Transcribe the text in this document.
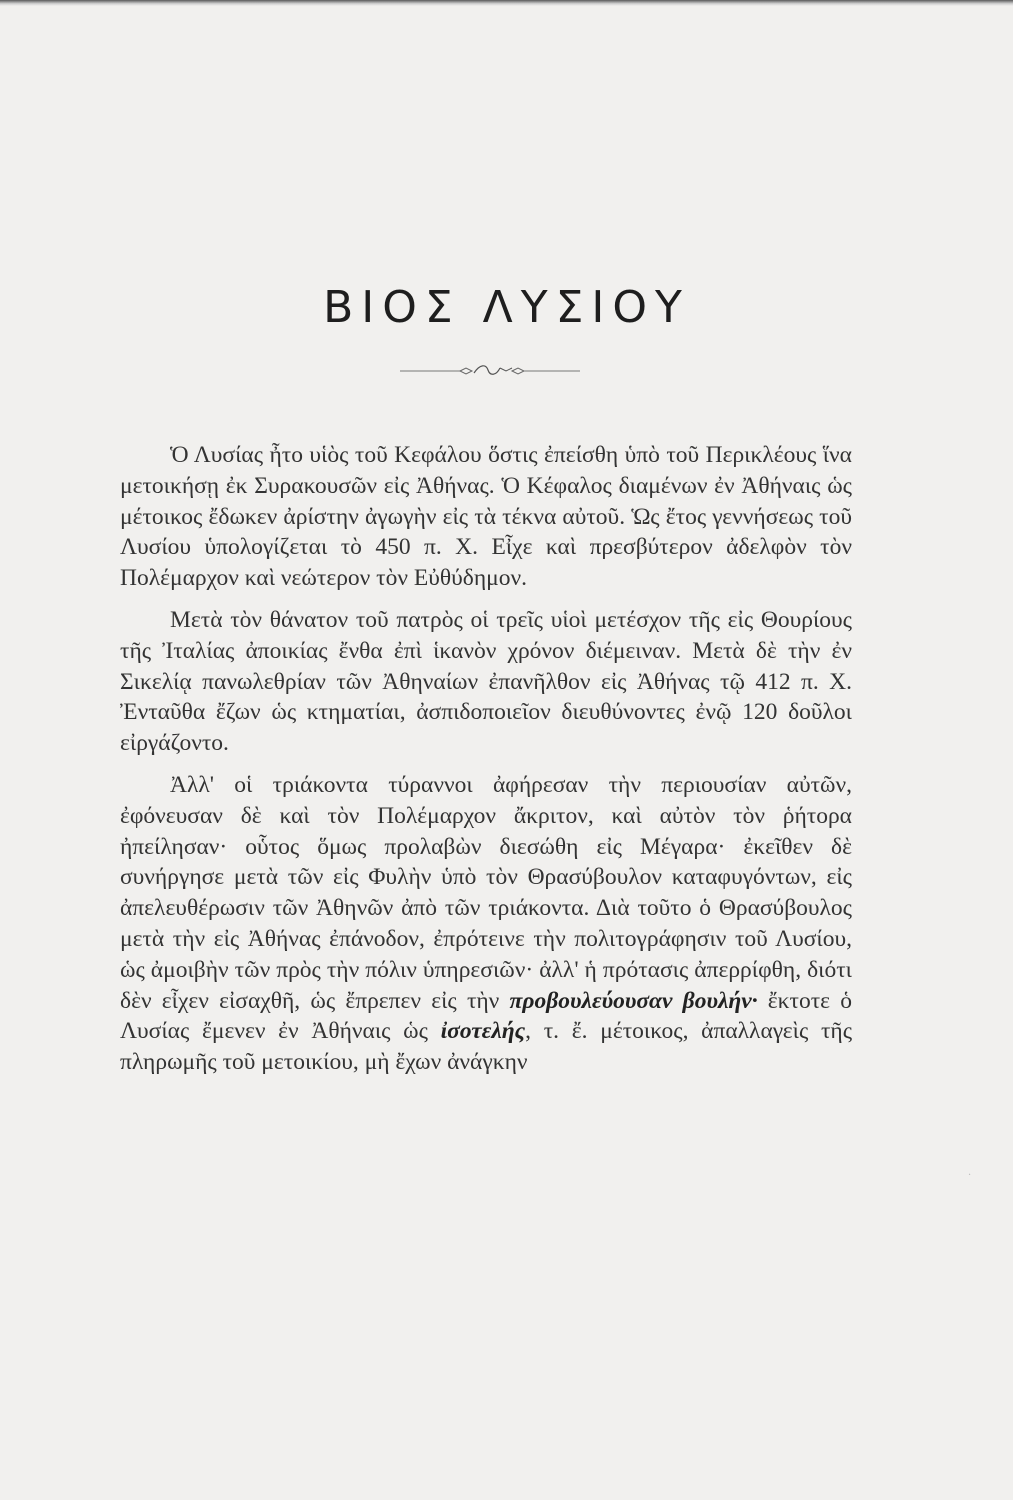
ΒΙΟΣ ΛΥΣΙΟΥ

Ὁ Λυσίας ἦτο υἱὸς τοῦ Κεφάλου ὅστις ἐπείσθη ὑπὸ τοῦ Περικλέους ἵνα μετοικήσῃ ἐκ Συρακουσῶν εἰς Ἀθήνας. Ὁ Κέφαλος διαμένων ἐν Ἀθήναις ὡς μέτοικος ἔδωκεν ἀρίστην ἀγωγὴν εἰς τὰ τέκνα αὐτοῦ. Ὡς ἔτος γεννήσεως τοῦ Λυσίου ὑπολογίζεται τὸ 450 π. Χ. Εἶχε καὶ πρεσβύτερον ἀδελφὸν τὸν Πολέμαρχον καὶ νεώτερον τὸν Εὐθύδημον.

Μετὰ τὸν θάνατον τοῦ πατρὸς οἱ τρεῖς υἱοὶ μετέσχον τῆς εἰς Θουρίους τῆς Ἰταλίας ἀποικίας ἔνθα ἐπὶ ἱκανὸν χρόνον διέμειναν. Μετὰ δὲ τὴν ἐν Σικελίᾳ πανωλεθρίαν τῶν Ἀθηναίων ἐπανῆλθον εἰς Ἀθήνας τῷ 412 π. Χ. Ἐνταῦθα ἔζων ὡς κτηματίαι, ἀσπιδοποιεῖον διευθύνοντες ἐνῷ 120 δοῦλοι εἰργάζοντο.

Ἀλλ' οἱ τριάκοντα τύραννοι ἀφήρεσαν τὴν περιουσίαν αὐτῶν, ἐφόνευσαν δὲ καὶ τὸν Πολέμαρχον ἄκριτον, καὶ αὐτὸν τὸν ῥήτορα ἠπείλησαν· οὗτος ὅμως προλαβὼν διεσώθη εἰς Μέγαρα· ἐκεῖθεν δὲ συνήργησε μετὰ τῶν εἰς Φυλὴν ὑπὸ τὸν Θρασύβουλον καταφυγόντων, εἰς ἀπελευθέρωσιν τῶν Ἀθηνῶν ἀπὸ τῶν τριάκοντα. Διὰ τοῦτο ὁ Θρασύβουλος μετὰ τὴν εἰς Ἀθήνας ἐπάνοδον, ἐπρότεινε τὴν πολιτογράφησιν τοῦ Λυσίου, ὡς ἀμοιβὴν τῶν πρὸς τὴν πόλιν ὑπηρεσιῶν· ἀλλ' ἡ πρότασις ἀπερρίφθη, διότι δὲν εἶχεν εἰσαχθῆ, ὡς ἔπρεπεν εἰς τὴν προβουλεύουσαν βουλήν· ἔκτοτε ὁ Λυσίας ἔμενεν ἐν Ἀθήναις ὡς ἰσοτελής, τ. ἔ. μέτοικος, ἀπαλλαγεὶς τῆς πληρωμῆς τοῦ μετοικίου, μὴ ἔχων ἀνάγκην

·
